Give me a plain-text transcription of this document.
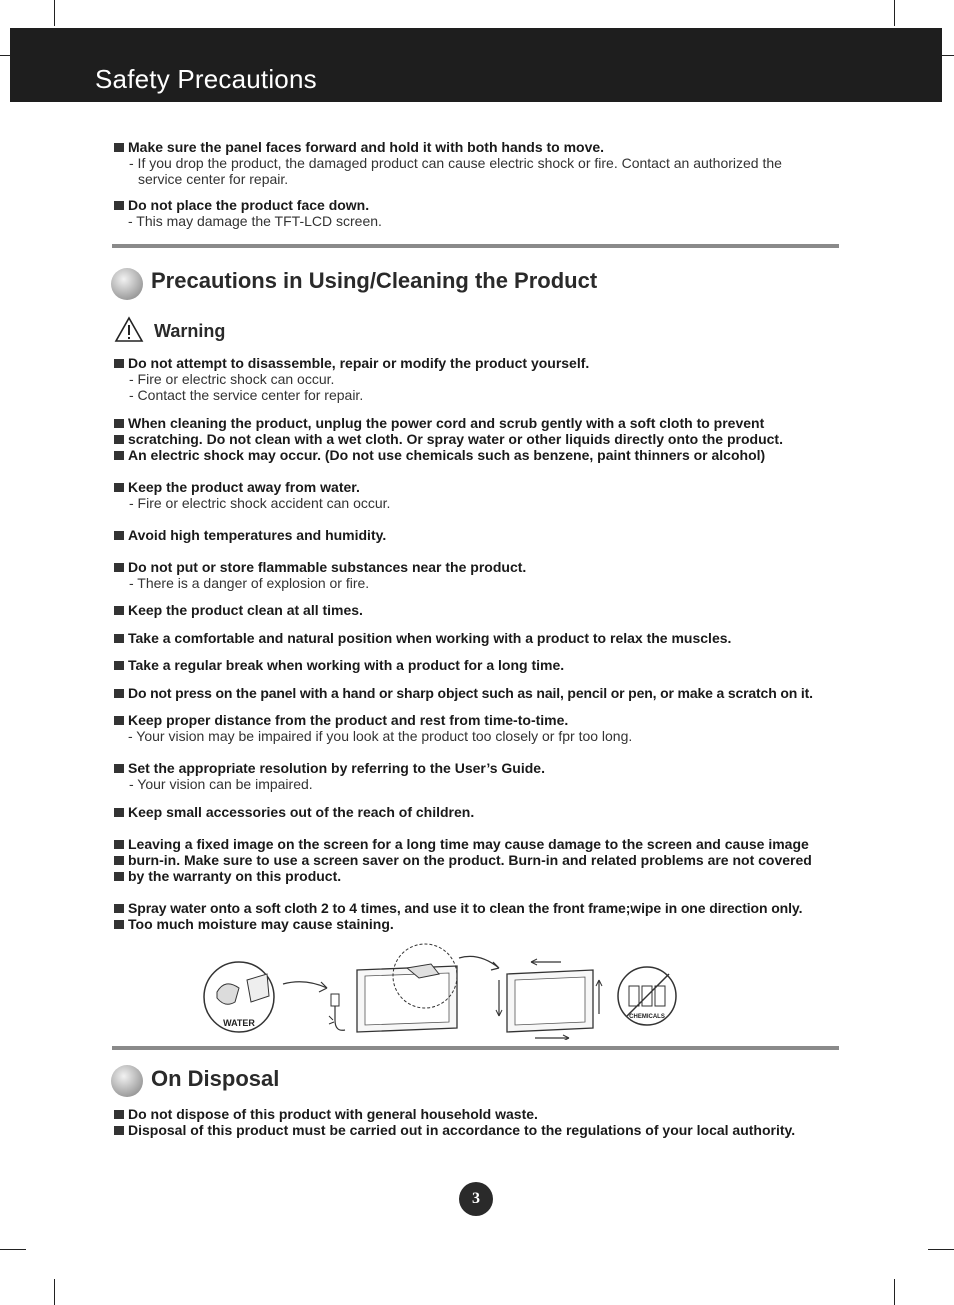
Safety Precautions
Make sure the panel faces forward and hold it with both hands to move.
- If you drop the product, the damaged product can cause electric shock or fire. Contact an authorized the
service center for repair.
Do not place the product face down.
- This may damage the TFT-LCD screen.
Precautions in Using/Cleaning the Product
Warning
Do not attempt to disassemble, repair or modify the product yourself.
- Fire or electric shock can occur.
- Contact the service center for repair.
When cleaning the product, unplug the power cord and scrub gently with a soft cloth to prevent
scratching. Do not clean with a wet cloth. Or spray water or other liquids directly onto the product.
An electric shock may occur. (Do not use chemicals such as benzene, paint thinners or alcohol)
Keep the product away from water.
- Fire or electric shock accident can occur.
Avoid high temperatures and humidity.
Do not put or store flammable substances near the product.
- There is a danger of explosion or fire.
Keep the product clean at all times.
Take a comfortable and natural position when working with a product to relax the muscles.
Take a regular break when working with a product for a long time.
Do not press on the panel with a hand or sharp object such as nail, pencil or pen, or make a scratch on it.
Keep proper distance from the product and rest from time-to-time.
- Your vision may be impaired if you look at the product too closely or fpr too long.
Set the appropriate resolution by referring to the User’s Guide.
- Your vision can be impaired.
Keep small accessories out of the reach of children.
Leaving a fixed image on the screen for a long time may cause damage to the screen and cause image
burn-in. Make sure to use a screen saver on the product. Burn-in and related problems are not covered
by the warranty on this product.
Spray water onto a soft cloth 2 to 4 times, and use it to clean the front frame;wipe in one direction only.
Too much moisture may cause staining.
WATER
CHEMICALS
On Disposal
Do not dispose of this product with general household waste.
Disposal of this product must be carried out in accordance to the regulations of your local authority.
3
